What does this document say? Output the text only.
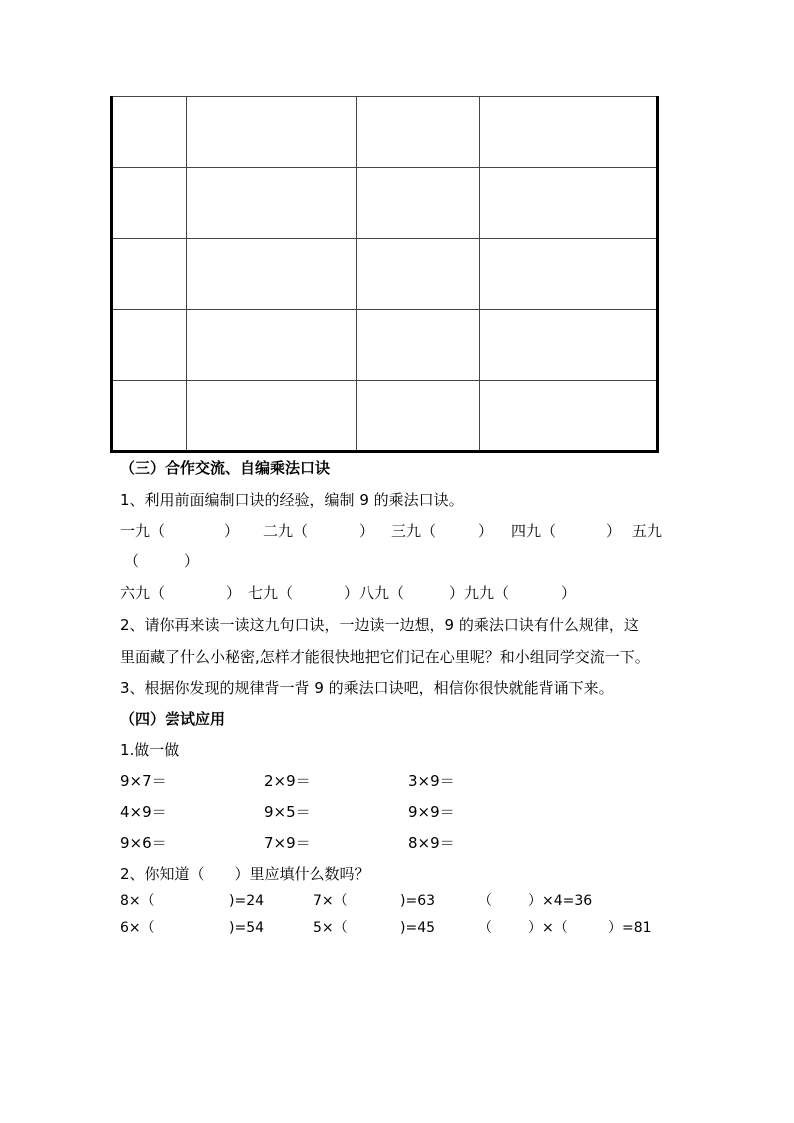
（三）合作交流、自编乘法口诀
1、利用前面编制口诀的经验，编制 9 的乘法口诀。
一九（	） 二九（	） 三九（	） 四九（	） 五九
（	）
六九（	） 七九（	）八九（	）九九（	）
2、请你再来读一读这九句口诀，一边读一边想，9 的乘法口诀有什么规律，这
里面藏了什么小秘密,怎样才能很快地把它们记在心里呢？和小组同学交流一下。
3、根据你发现的规律背一背 9 的乘法口诀吧，相信你很快就能背诵下来。
（四）尝试应用
1.做一做
9×7＝	2×9＝	3×9＝
4×9＝	9×5＝	9×9＝
9×6＝	7×9＝	8×9＝
2、你知道（　　）里应填什么数吗？
8×（	)=24	7×（	)=63	（	）×4=36
6×（	)=54	5×（	)=45	（	）×（	）=81
